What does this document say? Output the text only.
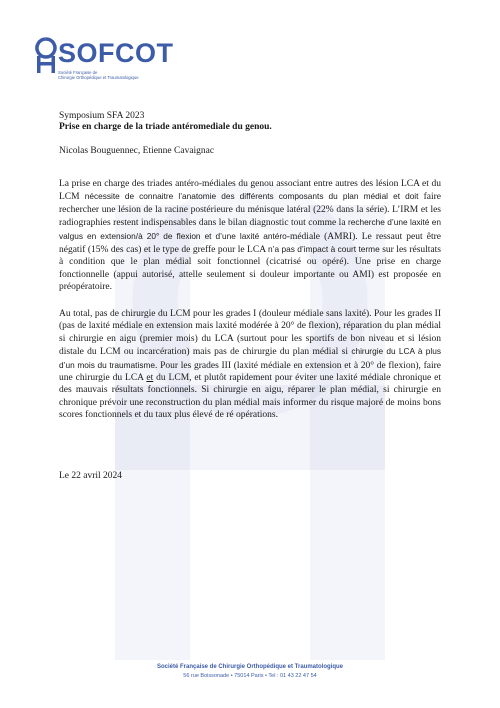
SOFCOT
Société Française de
Chirurgie Orthopédique et Traumatologique
Symposium SFA 2023
Prise en charge de la triade antéromediale du genou.
Nicolas Bouguennec, Etienne Cavaignac

La prise en charge des triades antéro-médiales du genou associant entre autres des lésion LCA et du LCM nécessite de connaitre l’anatomie des différents composants du plan médial et doit faire rechercher une lésion de la racine postérieure du ménisque latéral (22% dans la série). L’IRM et les radiographies restent indispensables dans le bilan diagnostic tout comme la recherche d’une laxité en valgus en extension/à 20° de flexion et d’une laxité antéro-médiale (AMRI). Le ressaut peut être négatif (15% des cas) et le type de greffe pour le LCA n’a pas d’impact à court terme sur les résultats à condition que le plan médial soit fonctionnel (cicatrisé ou opéré). Une prise en charge fonctionnelle (appui autorisé, attelle seulement si douleur importante ou AMI) est proposée en préopératoire.

Au total, pas de chirurgie du LCM pour les grades I (douleur médiale sans laxité). Pour les grades II (pas de laxité médiale en extension mais laxité modérée à 20° de flexion), réparation du plan médial si chirurgie en aigu (premier mois) du LCA (surtout pour les sportifs de bon niveau et si lésion distale du LCM ou incarcération) mais pas de chirurgie du plan médial si chirurgie du LCA à plus d’un mois du traumatisme. Pour les grades III (laxité médiale en extension et à 20° de flexion), faire une chirurgie du LCA et du LCM, et plutôt rapidement pour éviter une laxité médiale chronique et des mauvais résultats fonctionnels. Si chirurgie en aigu, réparer le plan médial, si chirurgie en chronique prévoir une reconstruction du plan médial mais informer du risque majoré de moins bons scores fonctionnels et du taux plus élevé de ré opérations.

Le 22 avril 2024
Société Française de Chirurgie Orthopédique et Traumatologique
56 rue Boissonade • 75014 Paris • Tel : 01 43 22 47 54
